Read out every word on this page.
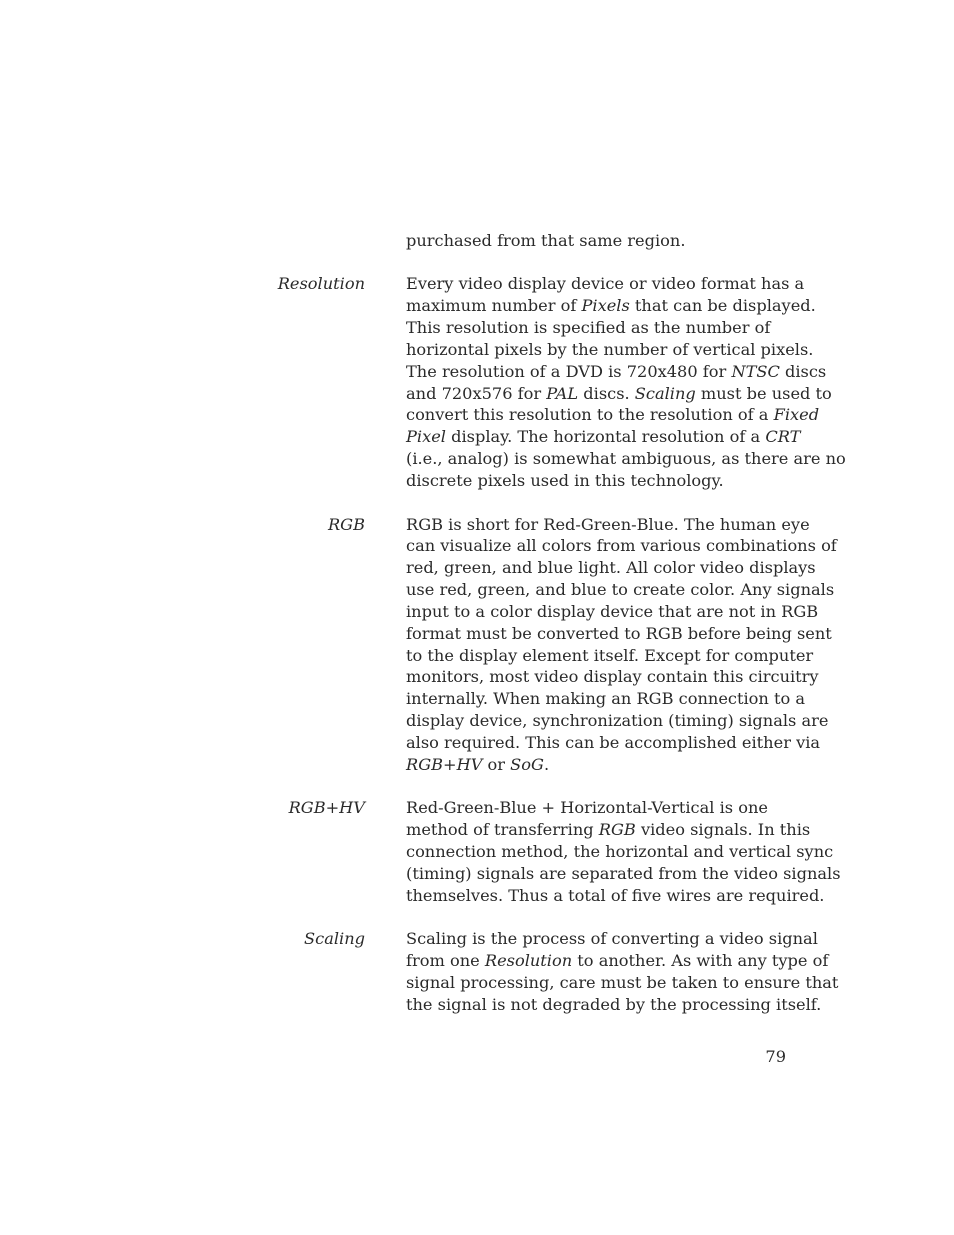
purchased from that same region.
Resolution	Every video display device or video format has a
maximum number of Pixels that can be displayed.
This resolution is specified as the number of
horizontal pixels by the number of vertical pixels.
The resolution of a DVD is 720x480 for NTSC discs
and 720x576 for PAL discs. Scaling must be used to
convert this resolution to the resolution of a Fixed
Pixel display. The horizontal resolution of a CRT
(i.e., analog) is somewhat ambiguous, as there are no
discrete pixels used in this technology.
RGB	RGB is short for Red-Green-Blue. The human eye
can visualize all colors from various combinations of
red, green, and blue light. All color video displays
use red, green, and blue to create color. Any signals
input to a color display device that are not in RGB
format must be converted to RGB before being sent
to the display element itself. Except for computer
monitors, most video display contain this circuitry
internally. When making an RGB connection to a
display device, synchronization (timing) signals are
also required. This can be accomplished either via
RGB+HV or SoG.
RGB+HV	Red-Green-Blue + Horizontal-Vertical is one
method of transferring RGB video signals. In this
connection method, the horizontal and vertical sync
(timing) signals are separated from the video signals
themselves. Thus a total of five wires are required.
Scaling	Scaling is the process of converting a video signal
from one Resolution to another. As with any type of
signal processing, care must be taken to ensure that
the signal is not degraded by the processing itself.
79
